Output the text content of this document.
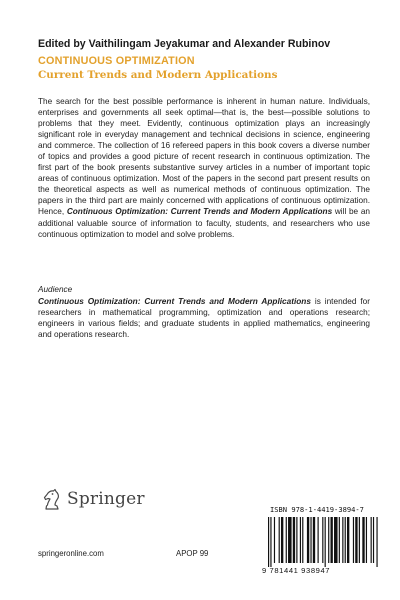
Edited by Vaithilingam Jeyakumar and Alexander Rubinov
CONTINUOUS OPTIMIZATION
Current Trends and Modern Applications
The search for the best possible performance is inherent in human nature. Individuals, enterprises and governments all seek optimal—that is, the best—possible solutions to problems that they meet. Evidently, continuous optimization plays an increasingly significant role in everyday management and technical decisions in science, engineering and commerce. The collection of 16 refereed papers in this book covers a diverse number of topics and provides a good picture of recent research in continuous optimization. The first part of the book presents substantive survey articles in a number of important topic areas of continuous optimization. Most of the papers in the second part present results on the theoretical aspects as well as numerical methods of continuous optimization. The papers in the third part are mainly concerned with applications of continuous optimization. Hence, Continuous Optimization: Current Trends and Modern Applications will be an additional valuable source of information to faculty, students, and researchers who use continuous optimization to model and solve problems.
Audience
Continuous Optimization: Current Trends and Modern Applications is intended for researchers in mathematical programming, optimization and operations research; engineers in various fields; and graduate students in applied mathematics, engineering and operations research.
Springer
ISBN 978-1-4419-3894-7
9 781441 938947
springeronline.com	APOP 99
